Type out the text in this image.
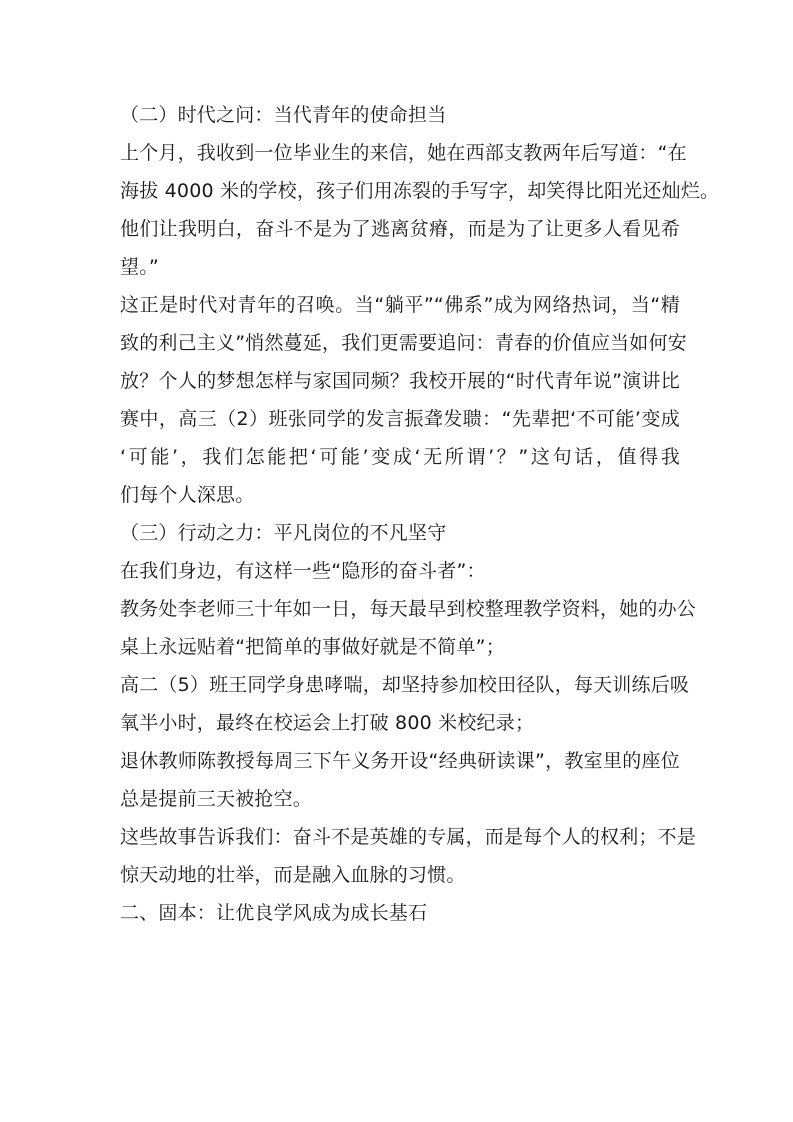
（二）时代之问：当代青年的使命担当
上个月，我收到一位毕业生的来信，她在西部支教两年后写道：“在
海拔 4000 米的学校，孩子们用冻裂的手写字，却笑得比阳光还灿烂。
他们让我明白，奋斗不是为了逃离贫瘠，而是为了让更多人看见希
望。”
这正是时代对青年的召唤。当“躺平”“佛系”成为网络热词，当“精
致的利己主义”悄然蔓延，我们更需要追问：青春的价值应当如何安
放？个人的梦想怎样与家国同频？我校开展的“时代青年说”演讲比
赛中，高三（2）班张同学的发言振聋发聩：“先辈把‘不可能’变成
‘可能’，我们怎能把‘可能’变成‘无所谓’？”这句话，值得我
们每个人深思。
（三）行动之力：平凡岗位的不凡坚守
在我们身边，有这样一些“隐形的奋斗者”：
教务处李老师三十年如一日，每天最早到校整理教学资料，她的办公
桌上永远贴着“把简单的事做好就是不简单”；
高二（5）班王同学身患哮喘，却坚持参加校田径队，每天训练后吸
氧半小时，最终在校运会上打破 800 米校纪录；
退休教师陈教授每周三下午义务开设“经典研读课”，教室里的座位
总是提前三天被抢空。
这些故事告诉我们：奋斗不是英雄的专属，而是每个人的权利；不是
惊天动地的壮举，而是融入血脉的习惯。
二、固本：让优良学风成为成长基石
